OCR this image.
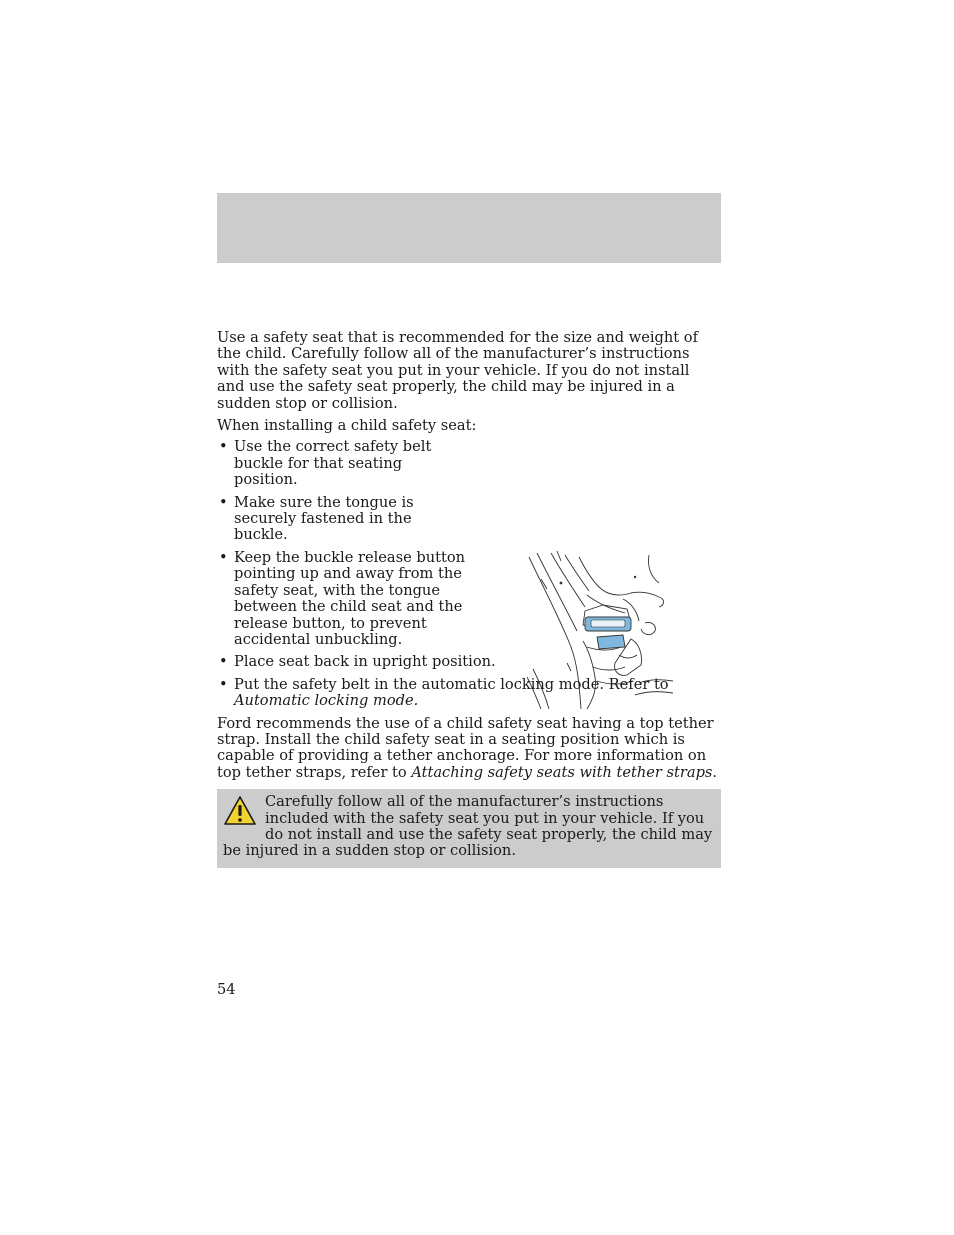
Use a safety seat that is recommended for the size and weight of the child. Carefully follow all of the manufacturer’s instructions with the safety seat you put in your vehicle. If you do not install and use the safety seat properly, the child may be injured in a sudden stop or collision.

When installing a child safety seat:

• Use the correct safety belt buckle for that seating position.
• Make sure the tongue is securely fastened in the buckle.
• Keep the buckle release button pointing up and away from the safety seat, with the tongue between the child seat and the release button, to prevent accidental unbuckling.
• Place seat back in upright position.
• Put the safety belt in the automatic locking mode. Refer to Automatic locking mode.

Ford recommends the use of a child safety seat having a top tether strap. Install the child safety seat in a seating position which is capable of providing a tether anchorage. For more information on top tether straps, refer to Attaching safety seats with tether straps.

Carefully follow all of the manufacturer’s instructions included with the safety seat you put in your vehicle. If you do not install and use the safety seat properly, the child may be injured in a sudden stop or collision.
54
